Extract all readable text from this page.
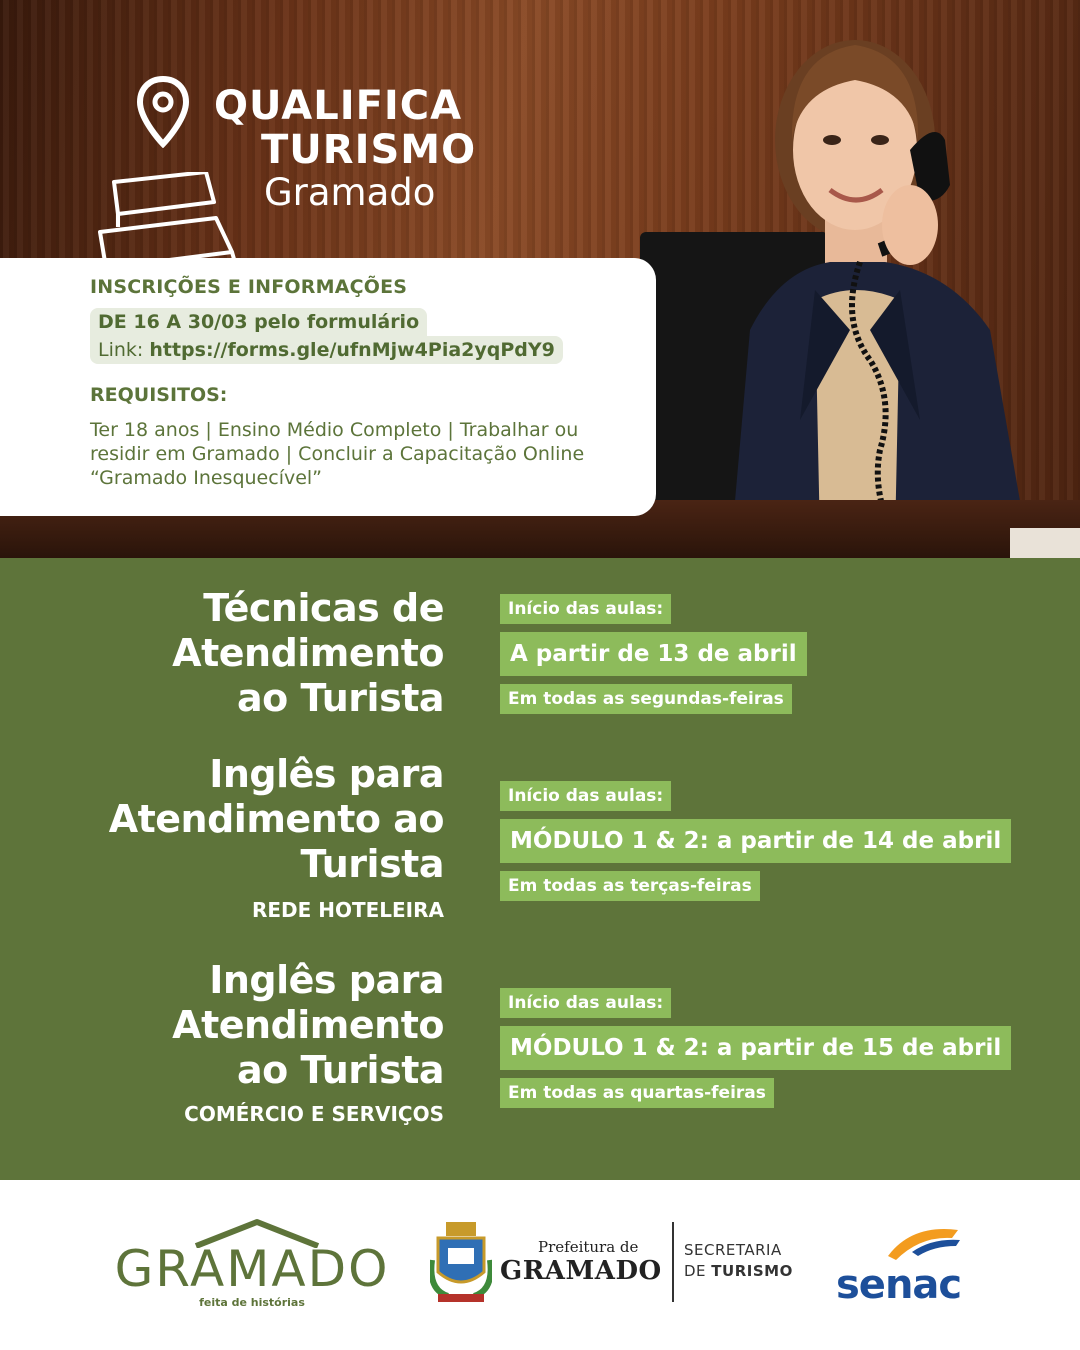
QUALIFICA
TURISMO
Gramado
INSCRIÇÕES E INFORMAÇÕES
DE 16 A 30/03 pelo formulário
Link: https://forms.gle/ufnMjw4Pia2yqPdY9
REQUISITOS:
Ter 18 anos | Ensino Médio Completo | Trabalhar ou residir em Gramado | Concluir a Capacitação Online “Gramado Inesquecível”
Técnicas de
Atendimento
ao Turista
Início das aulas:
A partir de 13 de abril
Em todas as segundas-feiras
Inglês para
Atendimento ao
Turista
REDE HOTELEIRA
Início das aulas:
MÓDULO 1 & 2: a partir de 14 de abril
Em todas as terças-feiras
Inglês para
Atendimento
ao Turista
COMÉRCIO E SERVIÇOS
Início das aulas:
MÓDULO 1 & 2: a partir de 15 de abril
Em todas as quartas-feiras
GRAMADO
feita de histórias
Prefeitura de
GRAMADO
SECRETARIA
DE TURISMO senac
